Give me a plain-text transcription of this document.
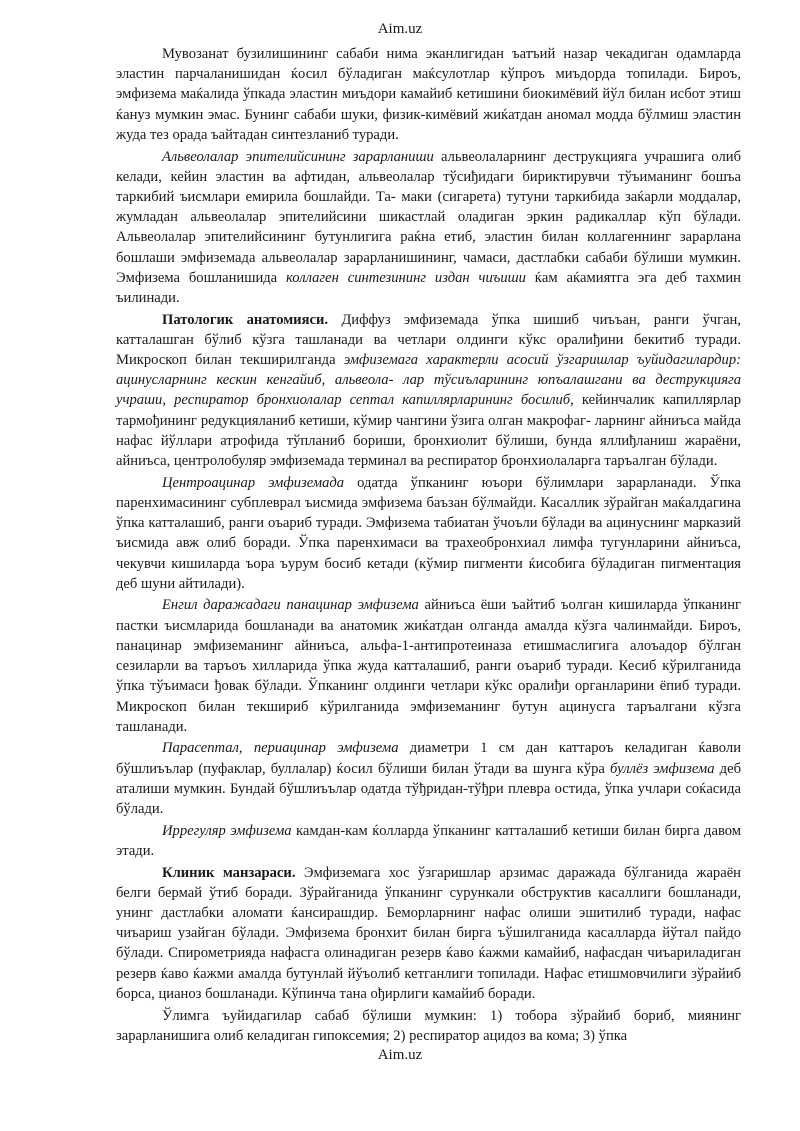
Aim.uz

Мувозанат бузилишининг сабаби нима эканлигидан ъатъий назар чекадиган одамларда эластин парчаланишидан ќосил бўладиган маќсулотлар кўпроъ миъдорда топилади. Бироъ, эмфизема маќалида ўпкада эластин миъдори камайиб кетишини биокимёвий йўл билан исбот этиш ќануз мумкин эмас. Бунинг сабаби шуки, физик-кимёвий жиќатдан аномал модда бўлмиш эластин жуда тез орада ъайтадан синтезланиб туради.

Альвеолалар эпителийсининг зарарланиши альвеолаларнинг деструкцияга учрашига олиб келади, кейин эластин ва афтидан, альвеолалар тўсиђидаги бириктирувчи тўъиманинг бошъа таркибий ъисмлари емирила бошлайди. Та- маки (сигарета) тутуни таркибида заќарли моддалар, жумладан альвеолалар эпителийсини шикастлай оладиган эркин радикаллар кўп бўлади. Альвеолалар эпителийсининг бутунлигига раќна етиб, эластин билан коллагеннинг зарарлана бошлаши эмфиземада альвеолалар зарарланишининг, чамаси, дастлабки сабаби бўлиши мумкин. Эмфизема бошланишида коллаген синтезининг издан чиъиши ќам аќамиятга эга деб тахмин ъилинади.

Патологик анатомияси. Диффуз эмфиземада ўпка шишиб чиъъан, ранги ўчган, катталашган бўлиб кўзга ташланади ва четлари олдинги кўкс оралиђини бекитиб туради. Микроскоп билан текширилганда эмфиземага характерли асосий ўзгаришлар ъуйидагилардир: ацинусларнинг кескин кенгайиб, альвеола- лар тўсиъларининг юпъалашгани ва деструкцияга учраши, респиратор бронхиолалар септал капиллярларининг босилиб, кейинчалик капиллярлар тармођининг редукцияланиб кетиши, кўмир чангини ўзига олган макрофаг- ларнинг айниъса майда нафас йўллари атрофида тўпланиб бориши, бронхиолит бўлиши, бунда яллиђланиш жараёни, айниъса, центролобуляр эмфиземада терминал ва респиратор бронхиолаларга таръалган бўлади.

Центроацинар эмфиземада одатда ўпканинг юъори бўлимлари зарарланади. Ўпка паренхимасининг субплеврал ъисмида эмфизема баъзан бўлмайди. Касаллик зўрайган маќалдагина ўпка катталашиб, ранги оъариб туради. Эмфизема табиатан ўчоъли бўлади ва ацинуснинг марказий ъисмида авж олиб боради. Ўпка паренхимаси ва трахеобронхиал лимфа тугунларини айниъса, чекувчи кишиларда ъора ъурум босиб кетади (кўмир пигменти ќисобига бўладиган пигментация деб шуни айтилади).

Енгил даражадаги панацинар эмфизема айниъса ёши ъайтиб ъолган кишиларда ўпканинг пастки ъисмларида бошланади ва анатомик жиќатдан олганда амалда кўзга чалинмайди. Бироъ, панацинар эмфиземанинг айниъса, альфа-1-антипротеиназа етишмаслигига алоъадор бўлган сезиларли ва таръоъ хилларида ўпка жуда катталашиб, ранги оъариб туради. Кесиб кўрилганида ўпка тўъимаси ђовак бўлади. Ўпканинг олдинги четлари кўкс оралиђи органларини ёпиб туради. Микроскоп билан текшириб кўрилганида эмфиземанинг бутун ацинусга таръалгани кўзга ташланади.

Парасептал, периацинар эмфизема диаметри 1 см дан каттароъ келадиган ќаволи бўшлиъълар (пуфаклар, буллалар) ќосил бўлиши билан ўтади ва шунга кўра буллёз эмфизема деб аталиши мумкин. Бундай бўшлиъълар одатда тўђридан-тўђри плевра остида, ўпка учлари соќасида бўлади.

Иррегуляр эмфизема камдан-кам ќолларда ўпканинг катталашиб кетиши билан бирга давом этади.

Клиник манзараси. Эмфиземага хос ўзгаришлар арзимас даражада бўлганида жараён белги бермай ўтиб боради. Зўрайганида ўпканинг сурункали обструктив касаллиги бошланади, унинг дастлабки аломати ќансирашдир. Беморларнинг нафас олиши эшитилиб туради, нафас чиъариш узайган бўлади. Эмфизема бронхит билан бирга ъўшилганида касалларда йўтал пайдо бўлади. Спирометрияда нафасга олинадиган резерв ќаво ќажми камайиб, нафасдан чиъариладиган резерв ќаво ќажми амалда бутунлай йўъолиб кетганлиги топилади. Нафас етишмовчилиги зўрайиб борса, цианоз бошланади. Кўпинча тана ођирлиги камайиб боради.

Ўлимга ъуйидагилар сабаб бўлиши мумкин: 1) тобора зўрайиб бориб, миянинг зарарланишига олиб келадиган гипоксемия; 2) респиратор ацидоз ва кома; 3) ўпка

Aim.uz
